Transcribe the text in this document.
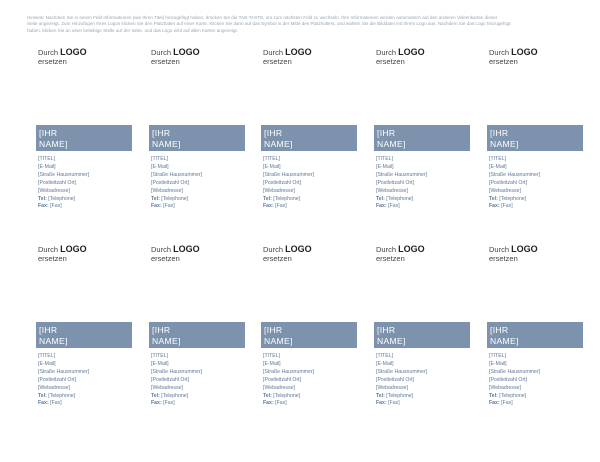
Hinweis: Nachdem Sie in einem Feld Informationen (wie Ihren Titel) hinzugefügt haben, drücken Sie die TAB-TASTE, um zum nächsten Feld zu wechseln. Ihre Informationen werden automatisch auf den anderen Visitenkarten dieser
Seite angezeigt. Zum Hinzufügen Ihres Logos klicken Sie den Platzhalter auf einer Karte. Klicken Sie dann auf das Symbol in der Mitte des Platzhalters, und wählen Sie die Bilddatei mit Ihrem Logo aus. Nachdem Sie das Logo hinzugefügt
haben, klicken Sie an einer beliebige Stelle auf der Seite, und das Logo wird auf allen Karten angezeigt.
Durch LOGO
ersetzen
[IHR
NAME]
[TITEL]
[E-Mail]
[Straße Hausnummer]
[Postleitzahl Ort]
[Webadresse]
Tel: [Telephone]
Fax: [Fax]
Durch LOGO
ersetzen
[IHR
NAME]
[TITEL]
[E-Mail]
[Straße Hausnummer]
[Postleitzahl Ort]
[Webadresse]
Tel: [Telephone]
Fax: [Fax]
Durch LOGO
ersetzen
[IHR
NAME]
[TITEL]
[E-Mail]
[Straße Hausnummer]
[Postleitzahl Ort]
[Webadresse]
Tel: [Telephone]
Fax: [Fax]
Durch LOGO
ersetzen
[IHR
NAME]
[TITEL]
[E-Mail]
[Straße Hausnummer]
[Postleitzahl Ort]
[Webadresse]
Tel: [Telephone]
Fax: [Fax]
Durch LOGO
ersetzen
[IHR
NAME]
[TITEL]
[E-Mail]
[Straße Hausnummer]
[Postleitzahl Ort]
[Webadresse]
Tel: [Telephone]
Fax: [Fax]
Durch LOGO
ersetzen
[IHR
NAME]
[TITEL]
[E-Mail]
[Straße Hausnummer]
[Postleitzahl Ort]
[Webadresse]
Tel: [Telephone]
Fax: [Fax]
Durch LOGO
ersetzen
[IHR
NAME]
[TITEL]
[E-Mail]
[Straße Hausnummer]
[Postleitzahl Ort]
[Webadresse]
Tel: [Telephone]
Fax: [Fax]
Durch LOGO
ersetzen
[IHR
NAME]
[TITEL]
[E-Mail]
[Straße Hausnummer]
[Postleitzahl Ort]
[Webadresse]
Tel: [Telephone]
Fax: [Fax]
Durch LOGO
ersetzen
[IHR
NAME]
[TITEL]
[E-Mail]
[Straße Hausnummer]
[Postleitzahl Ort]
[Webadresse]
Tel: [Telephone]
Fax: [Fax]
Durch LOGO
ersetzen
[IHR
NAME]
[TITEL]
[E-Mail]
[Straße Hausnummer]
[Postleitzahl Ort]
[Webadresse]
Tel: [Telephone]
Fax: [Fax]
